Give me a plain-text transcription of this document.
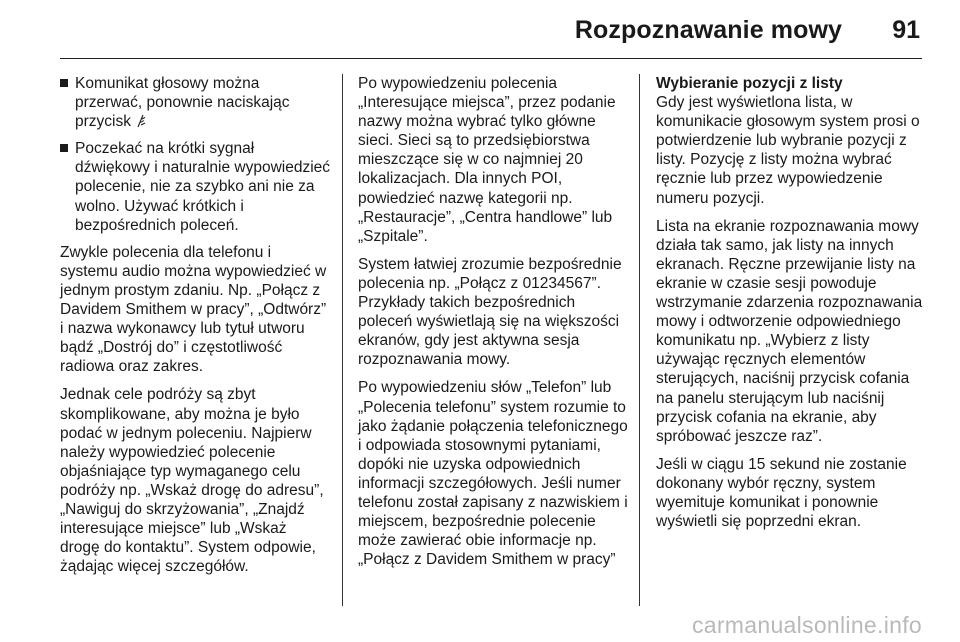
Rozpoznawanie mowy 91
Komunikat głosowy można przerwać, ponownie naciskając przycisk
Poczekać na krótki sygnał dźwiękowy i naturalnie wypowiedzieć polecenie, nie za szybko ani nie za wolno. Używać krótkich i bezpośrednich poleceń.

Zwykle polecenia dla telefonu i systemu audio można wypowiedzieć w jednym prostym zdaniu. Np. „Połącz z Davidem Smithem w pracy”, „Odtwórz” i nazwa wykonawcy lub tytuł utworu bądź „Dostrój do” i częstotliwość radiowa oraz zakres.

Jednak cele podróży są zbyt skomplikowane, aby można je było podać w jednym poleceniu. Najpierw należy wypowiedzieć polecenie objaśniające typ wymaganego celu podróży np. „Wskaż drogę do adresu”, „Nawiguj do skrzyżowania”, „Znajdź interesujące miejsce” lub „Wskaż drogę do kontaktu”. System odpowie, żądając więcej szczegółów.

Po wypowiedzeniu polecenia „Interesujące miejsca”, przez podanie nazwy można wybrać tylko główne sieci. Sieci są to przedsiębiorstwa mieszczące się w co najmniej 20 lokalizacjach. Dla innych POI, powiedzieć nazwę kategorii np. „Restauracje”, „Centra handlowe” lub „Szpitale”.

System łatwiej zrozumie bezpośrednie polecenia np. „Połącz z 01234567”. Przykłady takich bezpośrednich poleceń wyświetlają się na większości ekranów, gdy jest aktywna sesja rozpoznawania mowy.

Po wypowiedzeniu słów „Telefon” lub „Polecenia telefonu” system rozumie to jako żądanie połączenia telefonicznego i odpowiada stosownymi pytaniami, dopóki nie uzyska odpowiednich informacji szczegółowych. Jeśli numer telefonu został zapisany z nazwiskiem i miejscem, bezpośrednie polecenie może zawierać obie informacje np. „Połącz z Davidem Smithem w pracy”

Wybieranie pozycji z listy
Gdy jest wyświetlona lista, w komunikacie głosowym system prosi o potwierdzenie lub wybranie pozycji z listy. Pozycję z listy można wybrać ręcznie lub przez wypowiedzenie numeru pozycji.

Lista na ekranie rozpoznawania mowy działa tak samo, jak listy na innych ekranach. Ręczne przewijanie listy na ekranie w czasie sesji powoduje wstrzymanie zdarzenia rozpoznawania mowy i odtworzenie odpowiedniego komunikatu np. „Wybierz z listy używając ręcznych elementów sterujących, naciśnij przycisk cofania na panelu sterującym lub naciśnij przycisk cofania na ekranie, aby spróbować jeszcze raz”.

Jeśli w ciągu 15 sekund nie zostanie dokonany wybór ręczny, system wyemituje komunikat i ponownie wyświetli się poprzedni ekran.

carmanualsonline.info
